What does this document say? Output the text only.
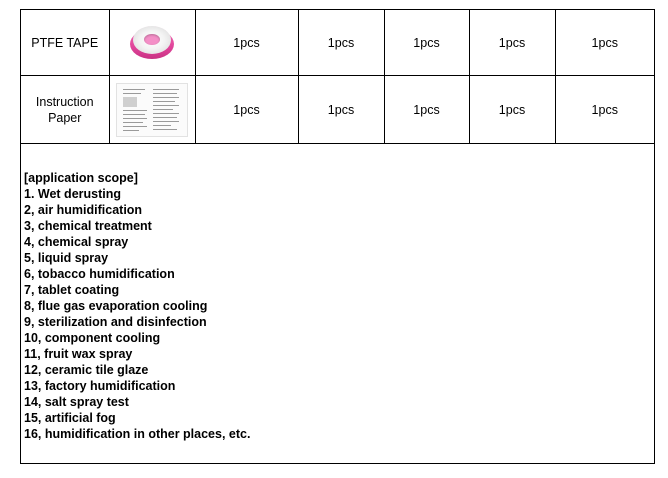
PTFE TAPE		1pcs	1pcs	1pcs	1pcs	1pcs
Instruction Paper		1pcs	1pcs	1pcs	1pcs	1pcs
[application scope]
1. Wet derusting
2, air humidification
3, chemical treatment
4, chemical spray
5, liquid spray
6, tobacco humidification
7, tablet coating
8, flue gas evaporation cooling
9, sterilization and disinfection
10, component cooling
11, fruit wax spray
12, ceramic tile glaze
13, factory humidification
14, salt spray test
15, artificial fog
16, humidification in other places, etc.
